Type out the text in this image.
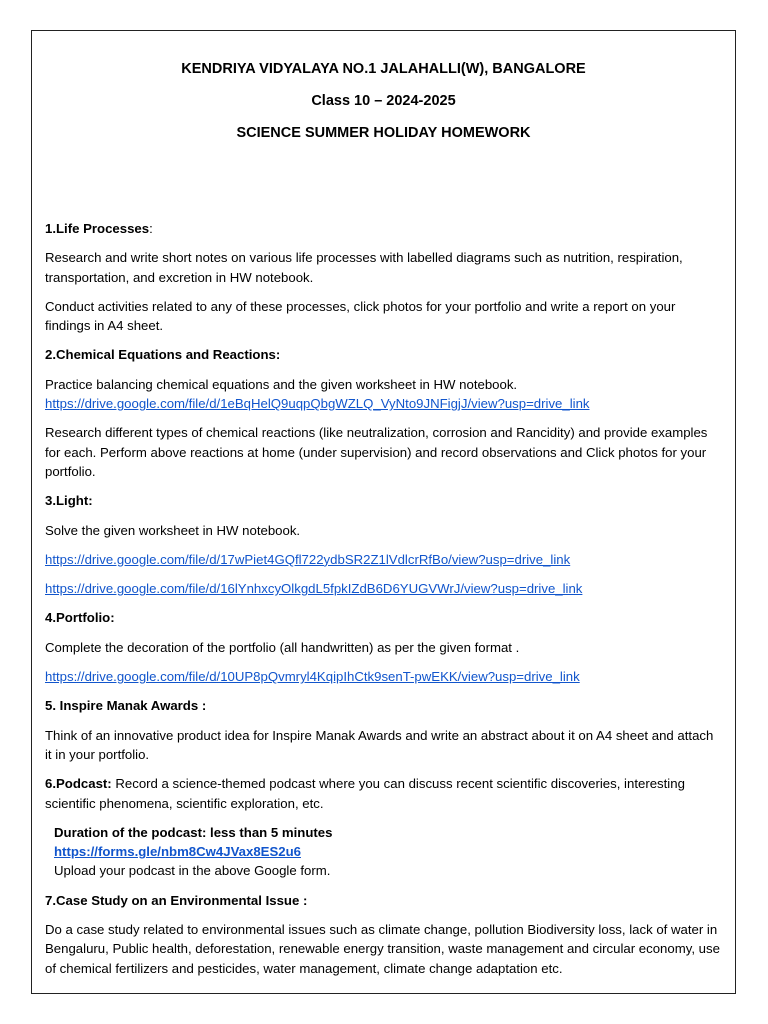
KENDRIYA VIDYALAYA NO.1 JALAHALLI(W), BANGALORE
Class 10 – 2024-2025
SCIENCE SUMMER HOLIDAY HOMEWORK

1.Life Processes:

Research and write short notes on various life processes with labelled diagrams such as nutrition, respiration, transportation, and excretion in HW notebook.

Conduct activities related to any of these processes, click photos for your portfolio and write a report on your findings in A4 sheet.

2.Chemical Equations and Reactions:

Practice balancing chemical equations and the given worksheet in HW notebook.
https://drive.google.com/file/d/1eBqHelQ9uqpQbgWZLQ_VyNto9JNFigjJ/view?usp=drive_link

Research different types of chemical reactions (like neutralization, corrosion and Rancidity) and provide examples for each. Perform above reactions at home (under supervision) and record observations and Click photos for your portfolio.

3.Light:

Solve the given worksheet in HW notebook.

https://drive.google.com/file/d/17wPiet4GQfl722ydbSR2Z1lVdlcrRfBo/view?usp=drive_link

https://drive.google.com/file/d/16lYnhxcyOlkgdL5fpkIZdB6D6YUGVWrJ/view?usp=drive_link

4.Portfolio:

Complete the decoration of the portfolio (all handwritten) as per the given format .

https://drive.google.com/file/d/10UP8pQvmryl4KqipIhCtk9senT-pwEKK/view?usp=drive_link

5. Inspire Manak Awards :

Think of an innovative product idea for Inspire Manak Awards and write an abstract about it on A4 sheet and attach it in your portfolio.

6.Podcast: Record a science-themed podcast where you can discuss recent scientific discoveries, interesting scientific phenomena, scientific exploration, etc.

Duration of the podcast: less than 5 minutes
https://forms.gle/nbm8Cw4JVax8ES2u6
Upload your podcast in the above Google form.

7.Case Study on an Environmental Issue :

Do a case study related to environmental issues such as climate change, pollution Biodiversity loss, lack of water in Bengaluru, Public health, deforestation, renewable energy transition, waste management and circular economy, use of chemical fertilizers and pesticides, water management, climate change adaptation etc.
